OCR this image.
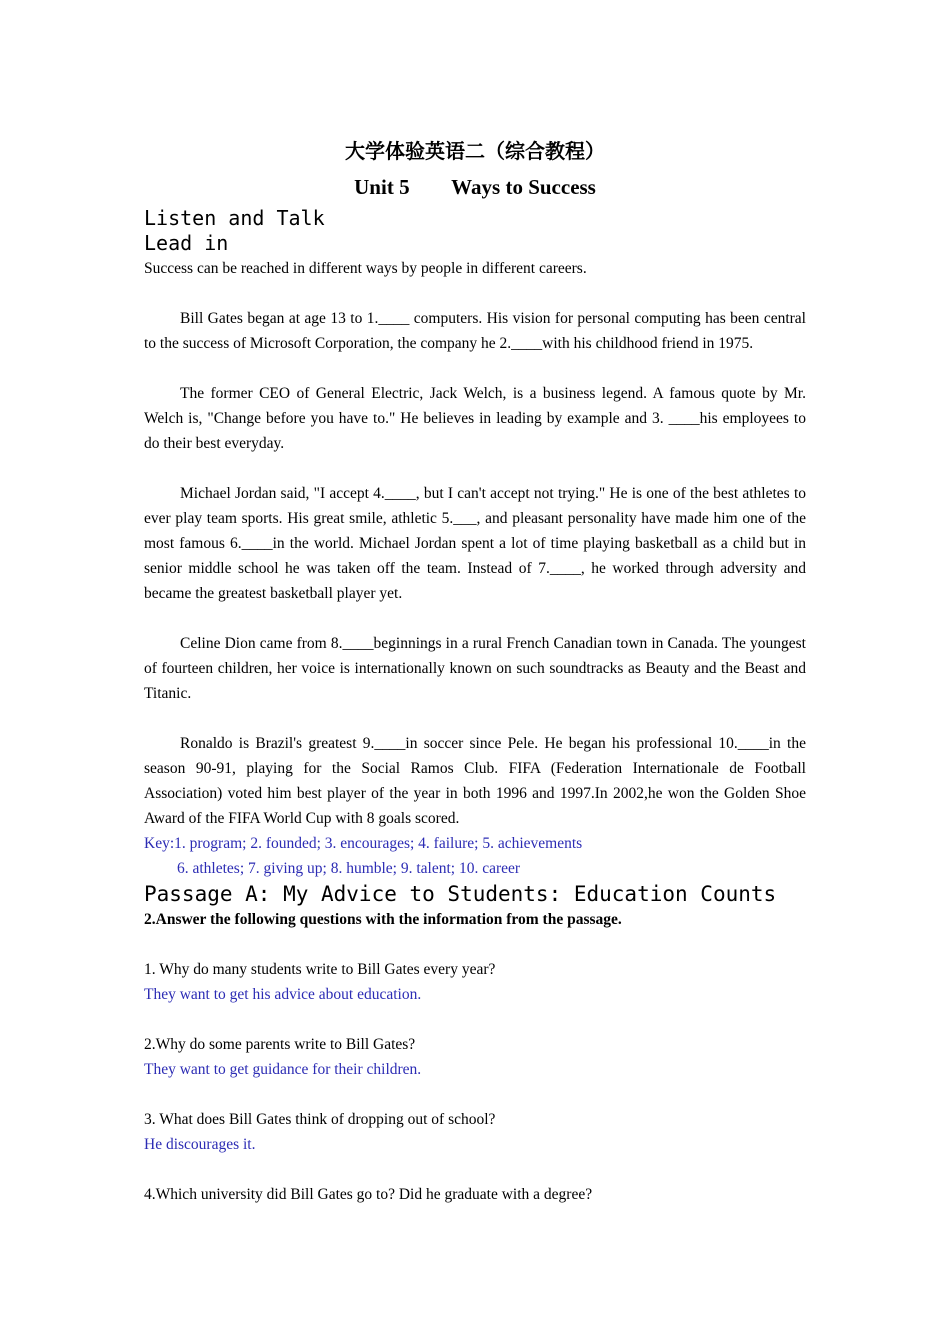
大学体验英语二（综合教程）

Unit 5        Ways to Success

Listen and Talk

Lead in

Success can be reached in different ways by people in different careers.

Bill Gates began at age 13 to 1.____ computers. His vision for personal computing has been central to the success of Microsoft Corporation, the company he 2.____with his childhood friend in 1975.

The former CEO of General Electric, Jack Welch, is a business legend. A famous quote by Mr. Welch is, "Change before you have to." He believes in leading by example and 3. ____his employees to do their best everyday.

Michael Jordan said, "I accept 4.____, but I can't accept not trying." He is one of the best athletes to ever play team sports. His great smile, athletic 5.___, and pleasant personality have made him one of the most famous 6.____in the world. Michael Jordan spent a lot of time playing basketball as a child but in senior middle school he was taken off the team. Instead of 7.____, he worked through adversity and became the greatest basketball player yet.

Celine Dion came from 8.____beginnings in a rural French Canadian town in Canada. The youngest of fourteen children, her voice is internationally known on such soundtracks as Beauty and the Beast and Titanic.

Ronaldo is Brazil's greatest 9.____in soccer since Pele. He began his professional 10.____in the season 90-91, playing for the Social Ramos Club. FIFA (Federation Internationale de Football Association) voted him best player of the year in both 1996 and 1997.In 2002,he won the Golden Shoe Award of the FIFA World Cup with 8 goals scored.

Key:1. program; 2. founded; 3. encourages; 4. failure; 5. achievements

6. athletes; 7. giving up; 8. humble; 9. talent; 10. career

Passage A: My Advice to Students: Education Counts

2.Answer the following questions with the information from the passage.

1. Why do many students write to Bill Gates every year?

They want to get his advice about education.

2.Why do some parents write to Bill Gates?

They want to get guidance for their children.

3. What does Bill Gates think of dropping out of school?

He discourages it.

4.Which university did Bill Gates go to? Did he graduate with a degree?
